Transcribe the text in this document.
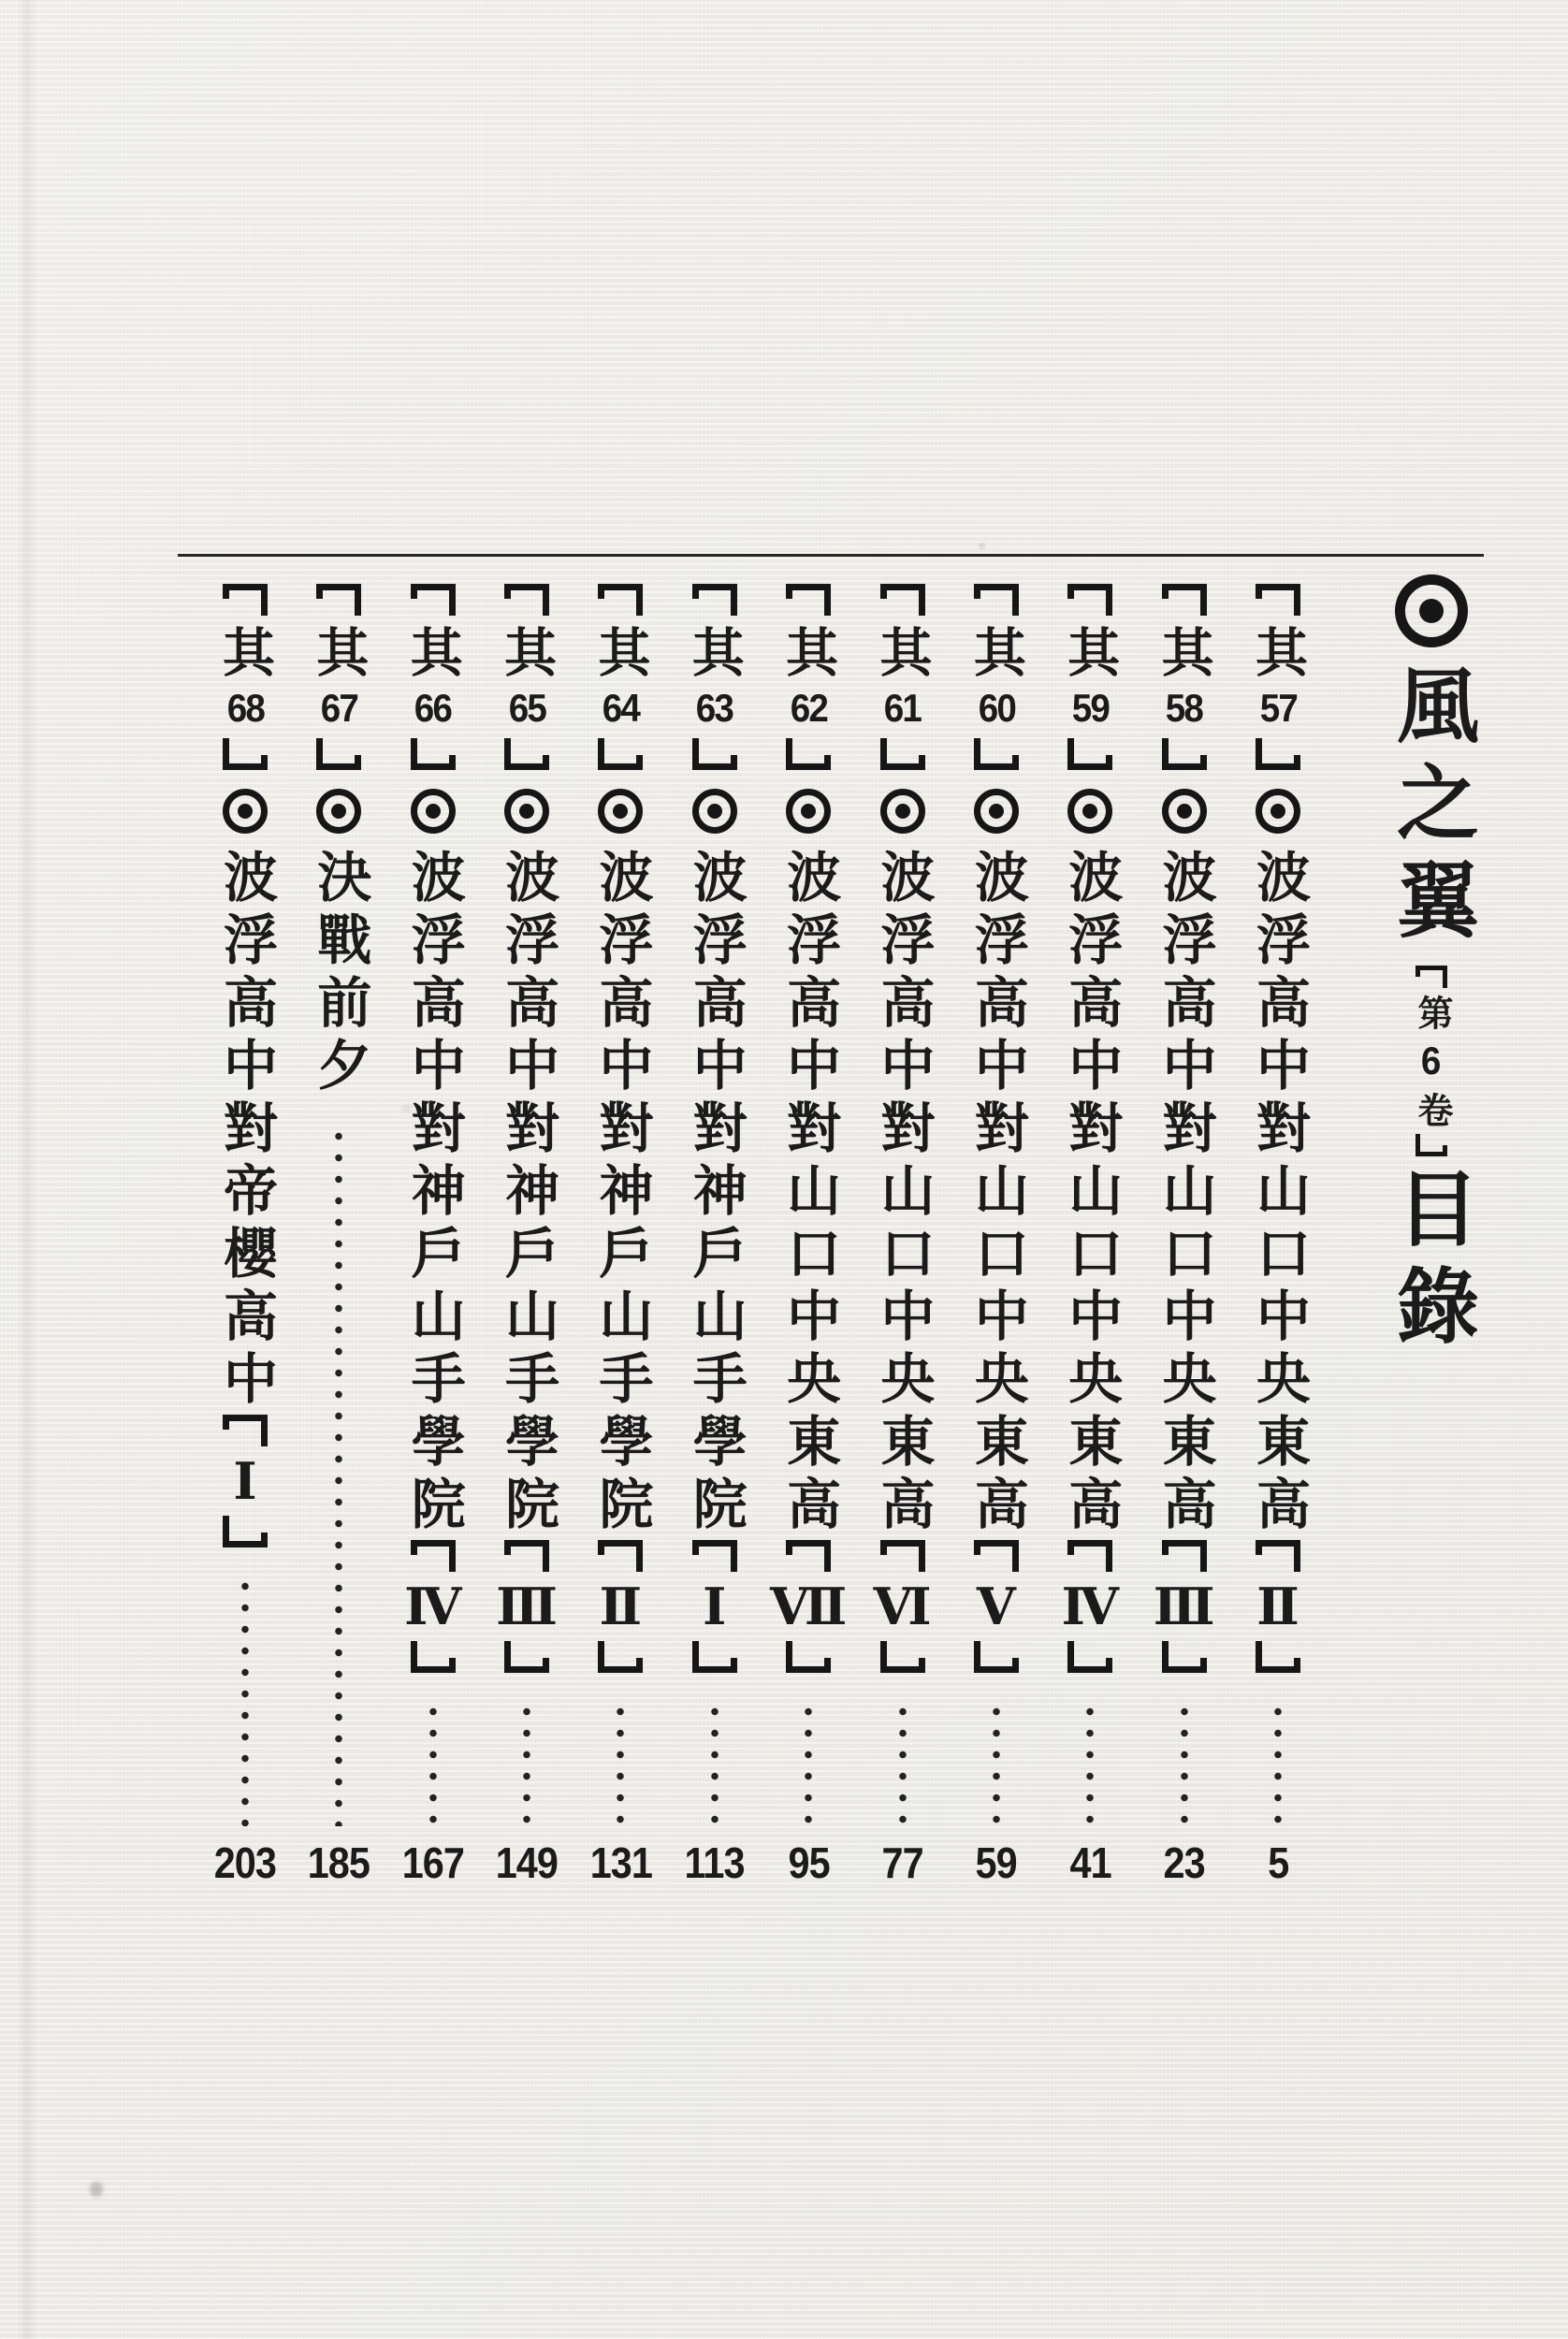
風之翼
第
6
卷
目錄
其
57
波浮高中對山口中央東高
Ⅱ
5
其
58
波浮高中對山口中央東高
Ⅲ
23
其
59
波浮高中對山口中央東高
Ⅳ
41
其
60
波浮高中對山口中央東高
Ⅴ
59
其
61
波浮高中對山口中央東高
Ⅵ
77
其
62
波浮高中對山口中央東高
Ⅶ
95
其
63
波浮高中對神戶山手學院
Ⅰ
113
其
64
波浮高中對神戶山手學院
Ⅱ
131
其
65
波浮高中對神戶山手學院
Ⅲ
149
其
66
波浮高中對神戶山手學院
Ⅳ
167
其
67
決戰前夕
185
其
68
波浮高中對帝櫻高中
Ⅰ
203
